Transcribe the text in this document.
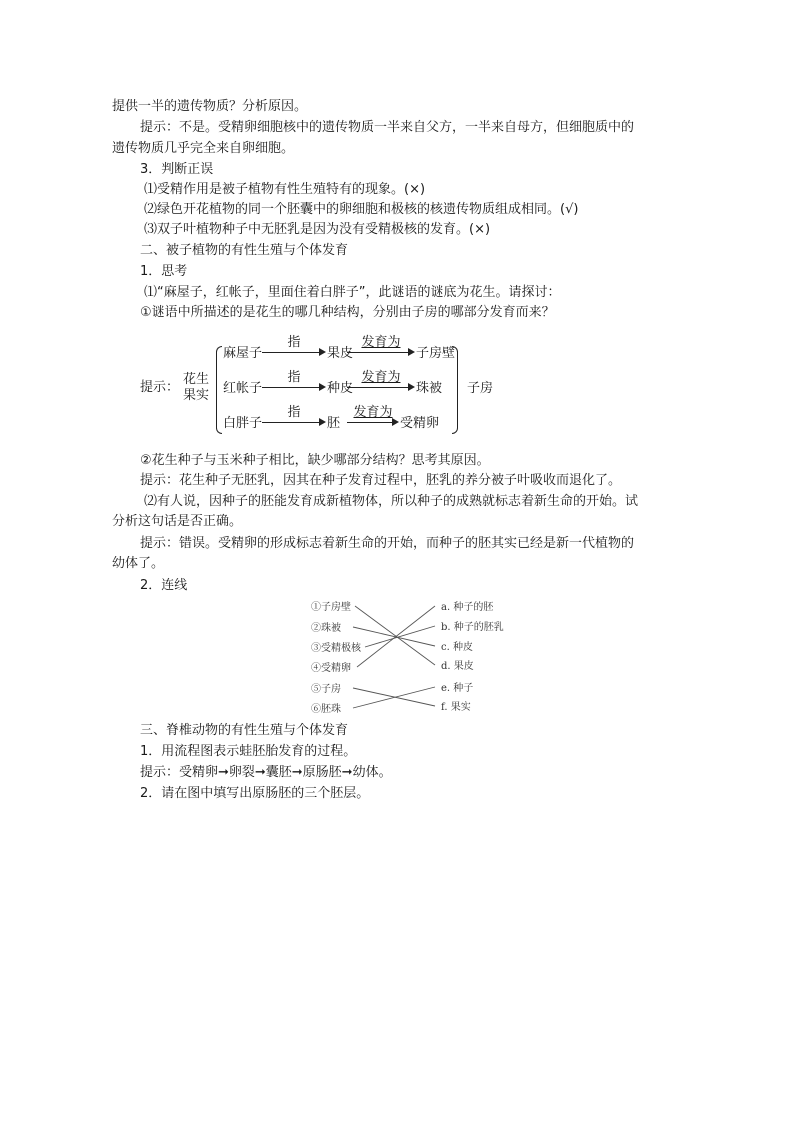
提供一半的遗传物质？分析原因。
提示：不是。受精卵细胞核中的遗传物质一半来自父方，一半来自母方，但细胞质中的
遗传物质几乎完全来自卵细胞。
3．判断正误
⑴受精作用是被子植物有性生殖特有的现象。(×)
⑵绿色开花植物的同一个胚囊中的卵细胞和极核的核遗传物质组成相同。(√)
⑶双子叶植物种子中无胚乳是因为没有受精极核的发育。(×)
二、被子植物的有性生殖与个体发育
1．思考
⑴“麻屋子，红帐子，里面住着白胖子”，此谜语的谜底为花生。请探讨：
①谜语中所描述的是花生的哪几种结构，分别由子房的哪部分发育而来？
提示：
花生
果实	子房
麻屋子
指
果皮
发育为
子房壁
红帐子
指
种皮
发育为
珠被
白胖子
指
胚
发育为
受精卵
②花生种子与玉米种子相比，缺少哪部分结构？思考其原因。
提示：花生种子无胚乳，因其在种子发育过程中，胚乳的养分被子叶吸收而退化了。
⑵有人说，因种子的胚能发育成新植物体，所以种子的成熟就标志着新生命的开始。试
分析这句话是否正确。
提示：错误。受精卵的形成标志着新生命的开始，而种子的胚其实已经是新一代植物的
幼体了。
2．连线
①子房壁
②珠被
③受精极核
④受精卵
⑤子房
⑥胚珠
a. 种子的胚
b. 种子的胚乳
c. 种皮
d. 果皮
e. 种子
f. 果实
三、脊椎动物的有性生殖与个体发育
1．用流程图表示蛙胚胎发育的过程。
提示：受精卵➞卵裂➞囊胚➞原肠胚➞幼体。
2．请在图中填写出原肠胚的三个胚层。
